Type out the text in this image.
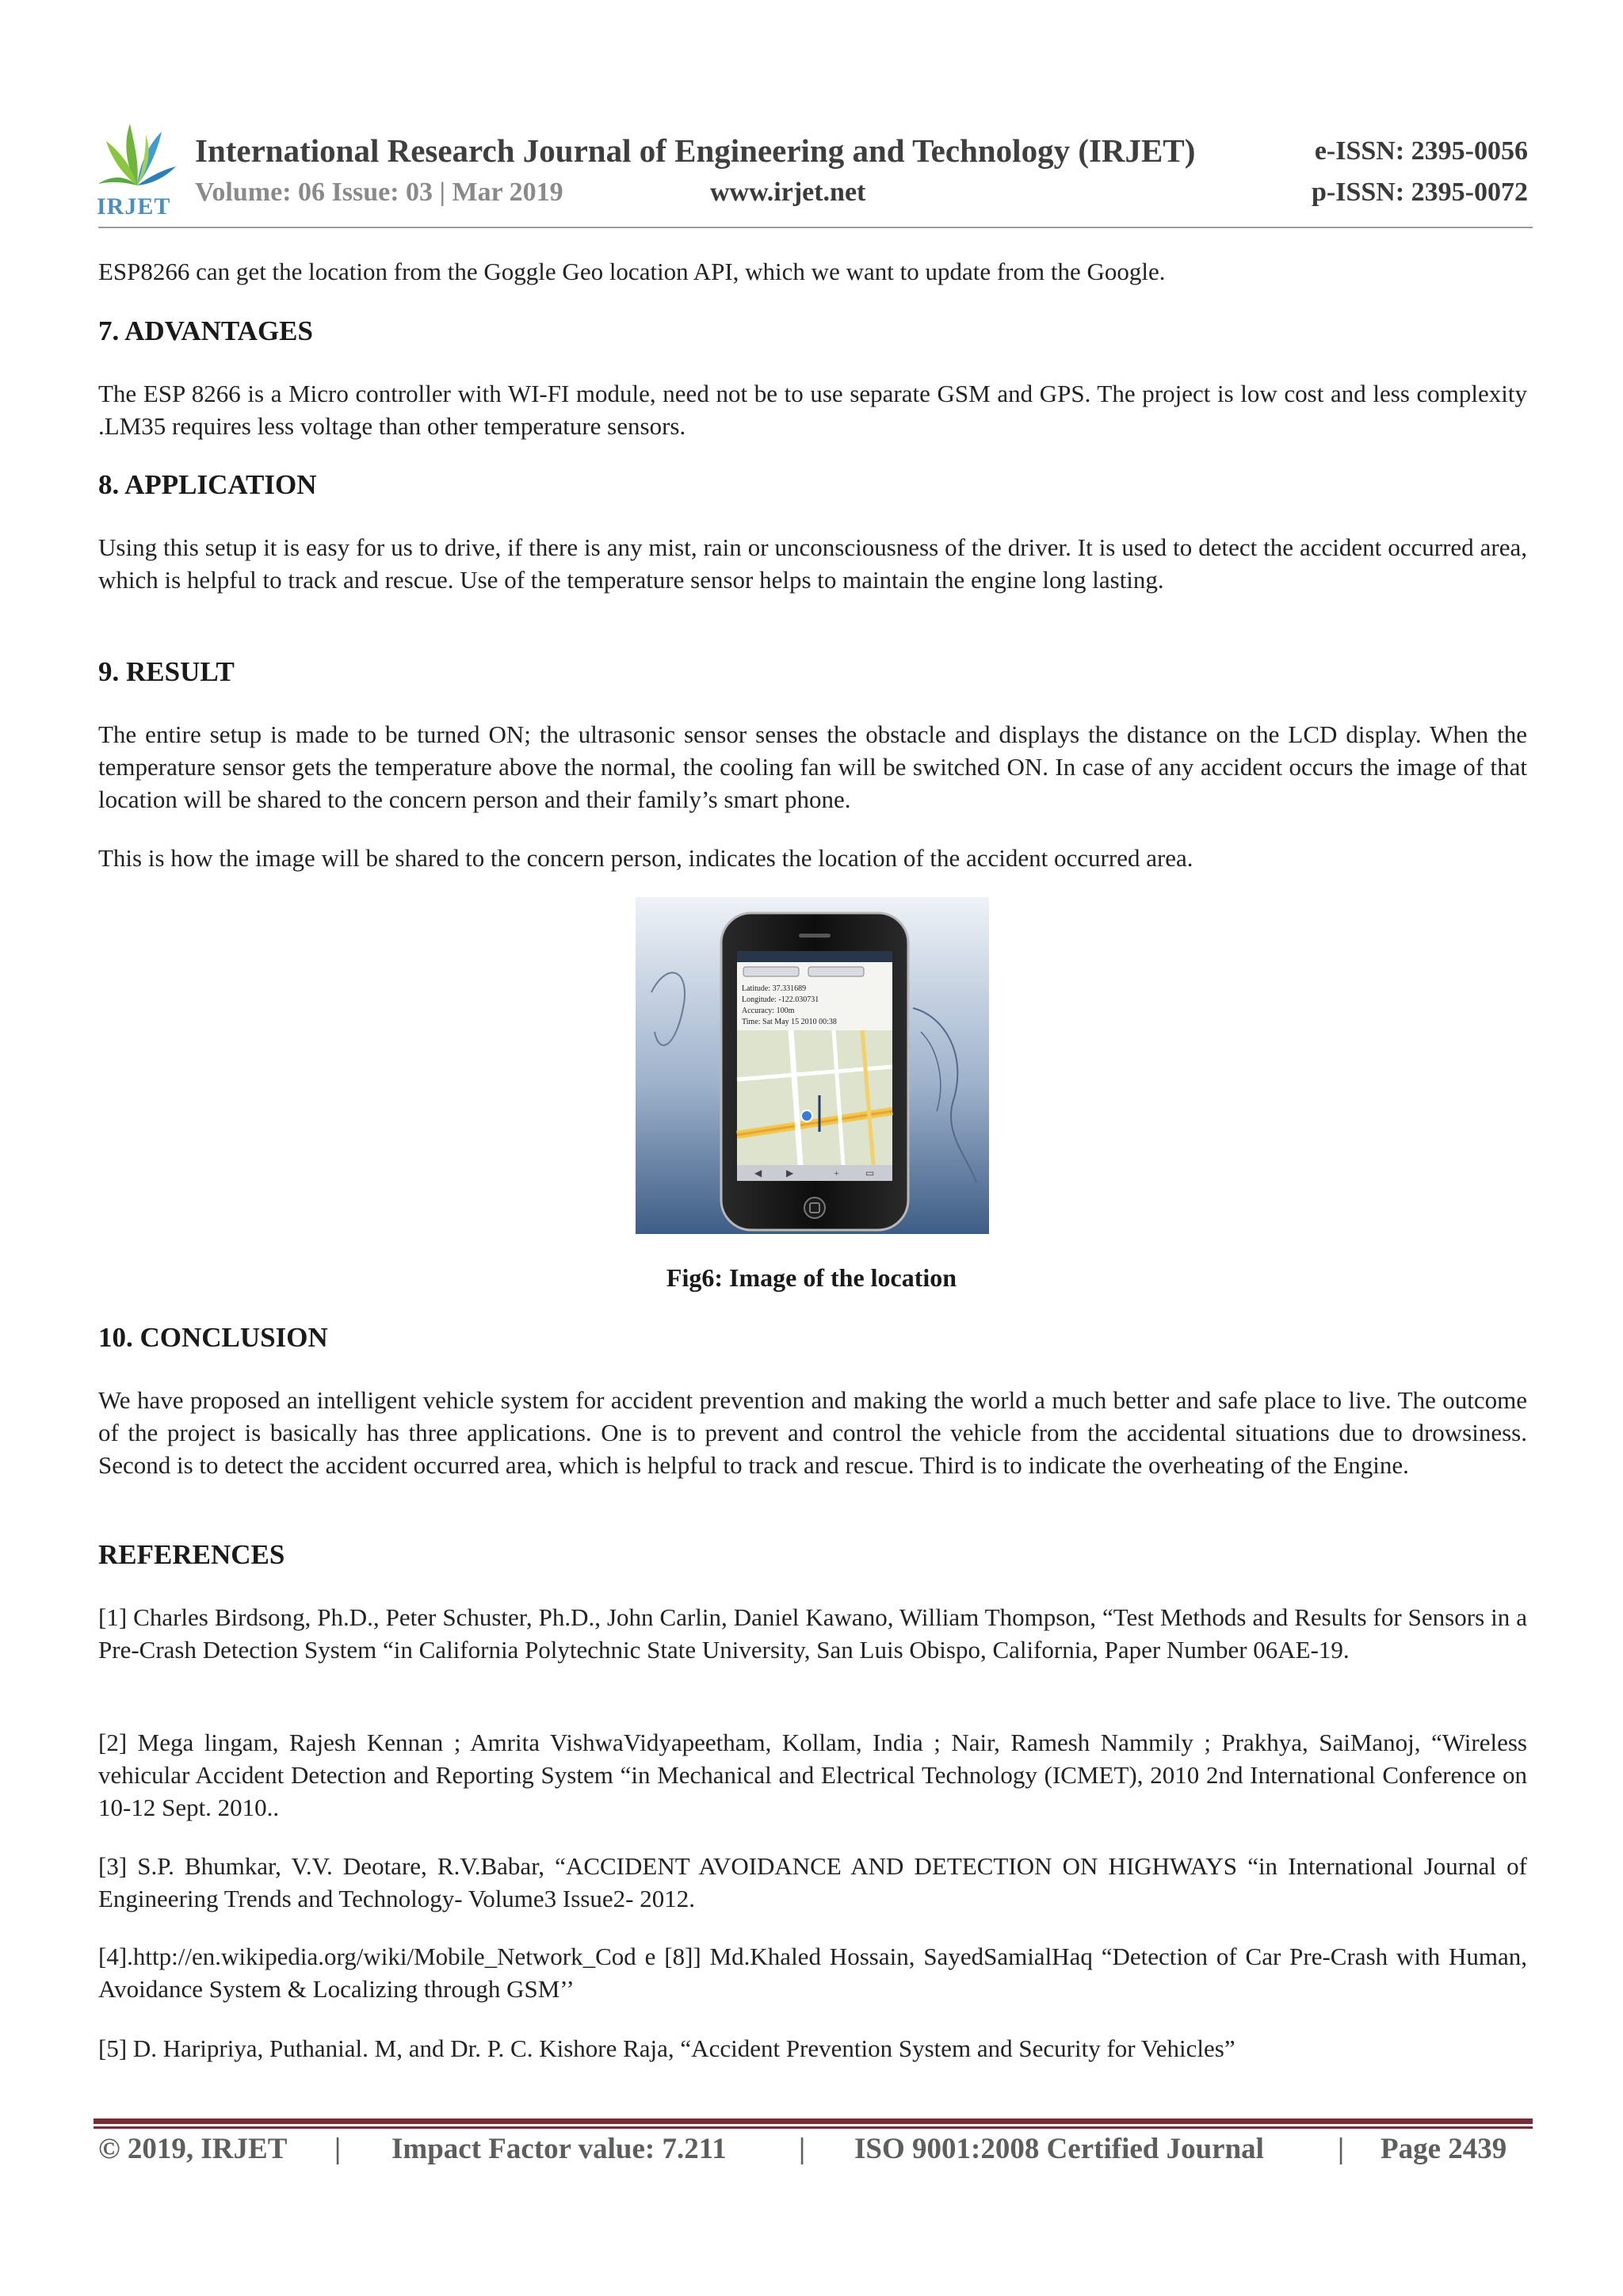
IRJET
International Research Journal of Engineering and Technology (IRJET)
Volume: 06 Issue: 03 | Mar 2019	www.irjet.net
e-ISSN: 2395-0056
p-ISSN: 2395-0072
ESP8266 can get the location from the Goggle Geo location API, which we want to update from the Google.
7. ADVANTAGES
The ESP 8266 is a Micro controller with WI-FI module, need not be to use separate GSM and GPS. The project is low cost and less complexity .LM35 requires less voltage than other temperature sensors.
8. APPLICATION
Using this setup it is easy for us to drive, if there is any mist, rain or unconsciousness of the driver. It is used to detect the accident occurred area, which is helpful to track and rescue. Use of the temperature sensor helps to maintain the engine long lasting.
9. RESULT
The entire setup is made to be turned ON; the ultrasonic sensor senses the obstacle and displays the distance on the LCD display. When the temperature sensor gets the temperature above the normal, the cooling fan will be switched ON. In case of any accident occurs the image of that location will be shared to the concern person and their family’s smart phone.
This is how the image will be shared to the concern person, indicates the location of the accident occurred area.
Latitude: 37.331689
Longitude: -122.030731
Accuracy: 100m
Time: Sat May 15 2010 00:38
◀	▶	+	▭
Fig6: Image of the location
10. CONCLUSION
We have proposed an intelligent vehicle system for accident prevention and making the world a much better and safe place to live. The outcome of the project is basically has three applications. One is to prevent and control the vehicle from the accidental situations due to drowsiness. Second is to detect the accident occurred area, which is helpful to track and rescue. Third is to indicate the overheating of the Engine.
REFERENCES
[1] Charles Birdsong, Ph.D., Peter Schuster, Ph.D., John Carlin, Daniel Kawano, William Thompson, “Test Methods and Results for Sensors in a Pre-Crash Detection System “in California Polytechnic State University, San Luis Obispo, California, Paper Number 06AE-19.
[2] Mega lingam, Rajesh Kennan ; Amrita VishwaVidyapeetham, Kollam, India ; Nair, Ramesh Nammily ; Prakhya, SaiManoj, “Wireless vehicular Accident Detection and Reporting System “in Mechanical and Electrical Technology (ICMET), 2010 2nd International Conference on 10-12 Sept. 2010..
[3] S.P. Bhumkar, V.V. Deotare, R.V.Babar, “ACCIDENT AVOIDANCE AND DETECTION ON HIGHWAYS “in International Journal of Engineering Trends and Technology- Volume3 Issue2- 2012.
[4].http://en.wikipedia.org/wiki/Mobile_Network_Cod e [8]] Md.Khaled Hossain, SayedSamialHaq “Detection of Car Pre-Crash with Human, Avoidance System & Localizing through GSM’’
[5] D. Haripriya, Puthanial. M, and Dr. P. C. Kishore Raja, “Accident Prevention System and Security for Vehicles”
© 2019, IRJET | Impact Factor value: 7.211 | ISO 9001:2008 Certified Journal	| Page 2439
